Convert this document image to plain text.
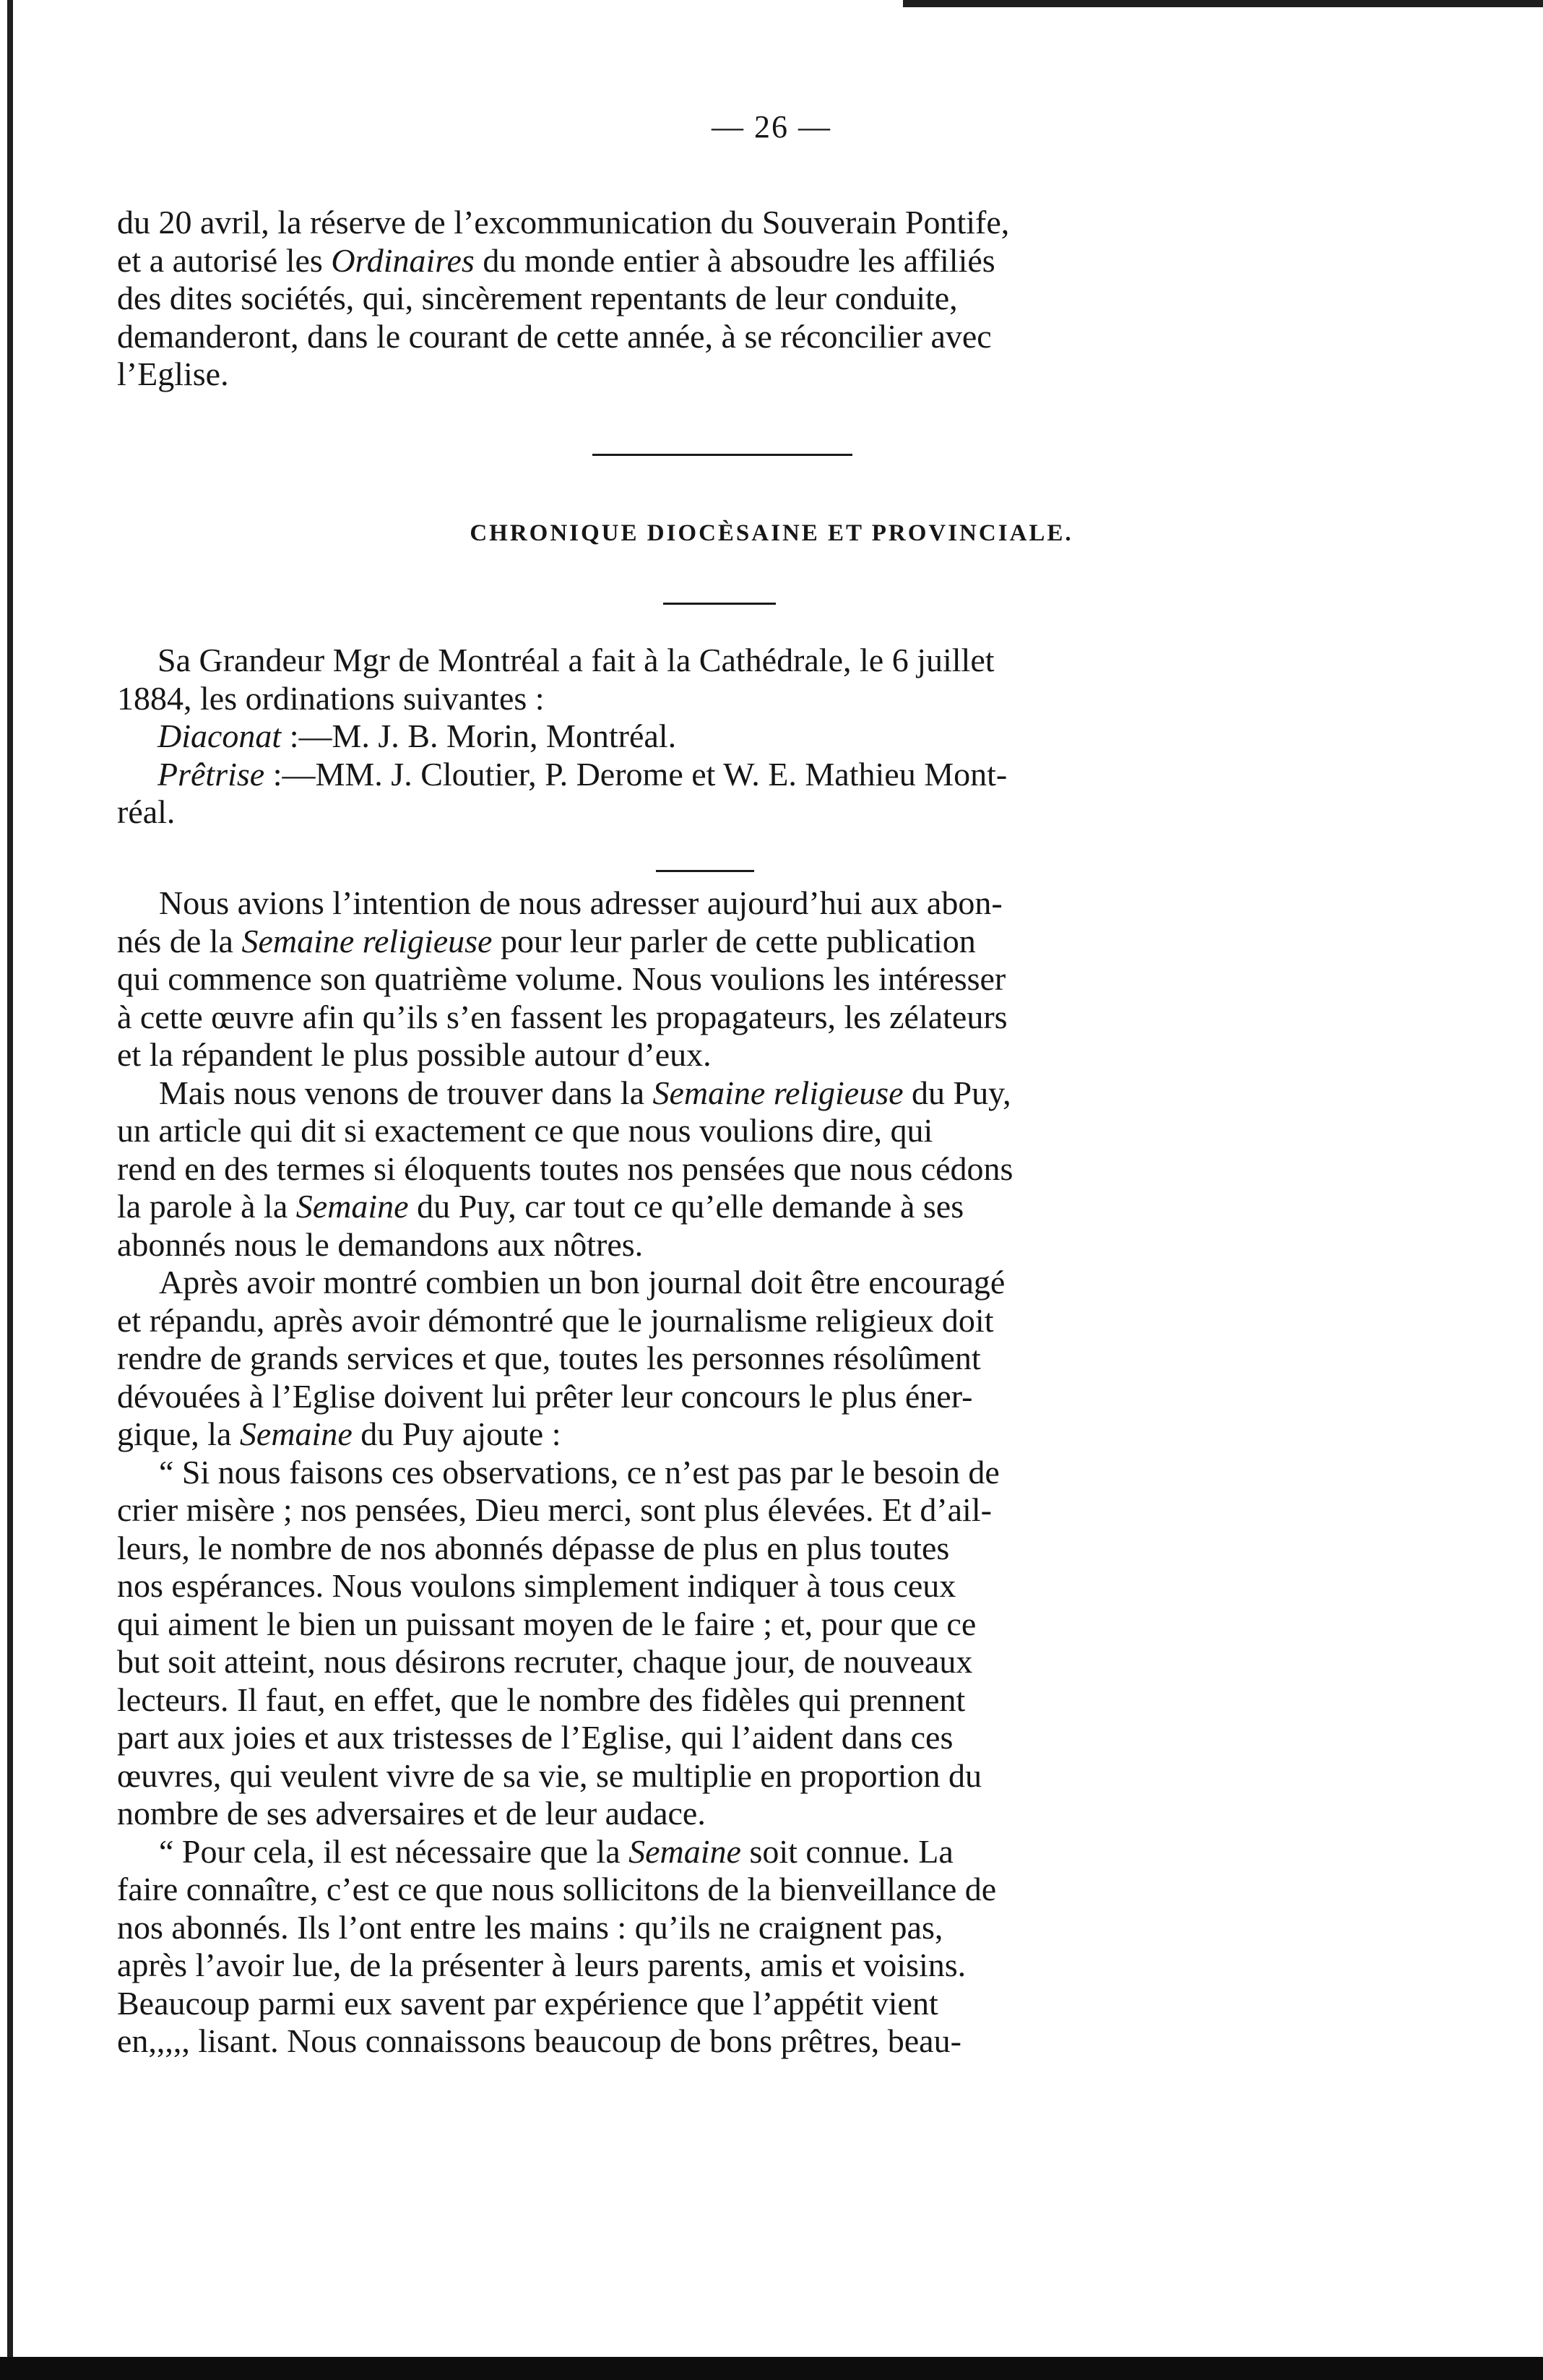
— 26 —

du 20 avril, la réserve de l’excommunication du Souverain Pontife,

et a autorisé les Ordinaires du monde entier à absoudre les affiliés

des dites sociétés, qui, sincèrement repentants de leur conduite,

demanderont, dans le courant de cette année, à se réconcilier avec

l’Eglise.

CHRONIQUE DIOCÈSAINE ET PROVINCIALE.

Sa Grandeur Mgr de Montréal a fait à la Cathédrale, le 6 juillet

1884, les ordinations suivantes :

Diaconat :—M. J. B. Morin, Montréal.

Prêtrise :—MM. J. Cloutier, P. Derome et W. E. Mathieu Mont-

réal.

Nous avions l’intention de nous adresser aujourd’hui aux abon-

nés de la Semaine religieuse pour leur parler de cette publication

qui commence son quatrième volume. Nous voulions les intéresser

à cette œuvre afin qu’ils s’en fassent les propagateurs, les zélateurs

et la répandent le plus possible autour d’eux.

Mais nous venons de trouver dans la Semaine religieuse du Puy,

un article qui dit si exactement ce que nous voulions dire, qui

rend en des termes si éloquents toutes nos pensées que nous cédons

la parole à la Semaine du Puy, car tout ce qu’elle demande à ses

abonnés nous le demandons aux nôtres.

Après avoir montré combien un bon journal doit être encouragé

et répandu, après avoir démontré que le journalisme religieux doit

rendre de grands services et que, toutes les personnes résolûment

dévouées à l’Eglise doivent lui prêter leur concours le plus éner-

gique, la Semaine du Puy ajoute :

“ Si nous faisons ces observations, ce n’est pas par le besoin de

crier misère ; nos pensées, Dieu merci, sont plus élevées. Et d’ail-

leurs, le nombre de nos abonnés dépasse de plus en plus toutes

nos espérances. Nous voulons simplement indiquer à tous ceux

qui aiment le bien un puissant moyen de le faire ; et, pour que ce

but soit atteint, nous désirons recruter, chaque jour, de nouveaux

lecteurs. Il faut, en effet, que le nombre des fidèles qui prennent

part aux joies et aux tristesses de l’Eglise, qui l’aident dans ces

œuvres, qui veulent vivre de sa vie, se multiplie en proportion du

nombre de ses adversaires et de leur audace.

“ Pour cela, il est nécessaire que la Semaine soit connue. La

faire connaître, c’est ce que nous sollicitons de la bienveillance de

nos abonnés. Ils l’ont entre les mains : qu’ils ne craignent pas,

après l’avoir lue, de la présenter à leurs parents, amis et voisins.

Beaucoup parmi eux savent par expérience que l’appétit vient

en,,,,, lisant. Nous connaissons beaucoup de bons prêtres, beau-
